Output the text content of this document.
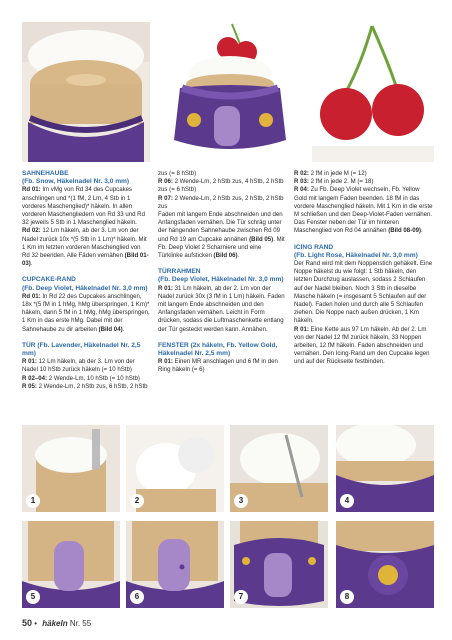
SAHNEHAUBE

(Fb. Snow, Häkelnadel Nr. 3,0 mm)

Rd 01: Im vMg von Rd 34 des Cupcakes anschlingen und *(1 fM, 2 Lm, 4 Stb in 1 vorderes Maschenglied)* häkeln. In allen vorderen Maschengliedern von Rd 33 und Rd 32 jeweils 5 Stb in 1 Maschenglied häkeln.

Rd 02: 12 Lm häkeln, ab der 3. Lm von der Nadel zurück 10x *(5 Stb in 1 Lm)* häkeln. Mit 1 Km im letzten vorderen Maschenglied von Rd 32 beenden. Alle Fäden vernähen (Bild 01-03).

CUPCAKE-RAND

(Fb. Deep Violet, Häkelnadel Nr. 3,0 mm)

Rd 01: In Rd 22 des Cupcakes anschlingen, 18x *(5 fM in 1 hMg, hMg überspringen, 1 Km)* häkeln, dann 5 fM in 1 hMg, hMg überspringen, 1 Km in das erste hMg. Dabei mit der Sahnehaube zu dir arbeiten (Bild 04).

TÜR (Fb. Lavender, Häkelnadel Nr. 2,5 mm)

R 01: 12 Lm häkeln, ab der 3. Lm von der Nadel 10 hStb zurück häkeln (= 10 hStb)

R 02–04: 2 Wende-Lm, 10 hStb (= 10 hStb)

R 05: 2 Wende-Lm, 2 hStb zus, 6 hStb, 2 hStb

zus (= 8 hStb)

R 06: 2 Wende-Lm, 2 hStb zus, 4 hStb, 2 hStb zus (= 6 hStb)

R 07: 2 Wende-Lm, 2 hStb zus, 2 hStb, 2 hStb zus

Faden mit langem Ende abschneiden und den Anfangsfaden vernähen. Die Tür schräg unter der hängenden Sahnehaube zwischen Rd 09 und Rd 19 am Cupcake annähen (Bild 05). Mit Fb. Deep Violet 2 Scharniere und eine Türklinke aufsticken (Bild 06).

TÜRRAHMEN

(Fb. Deep Violet, Häkelnadel Nr. 3,0 mm)

R 01: 31 Lm häkeln, ab der 2. Lm von der Nadel zurück 30x (3 fM in 1 Lm) häkeln. Faden mit langem Ende abschneiden und den Anfangsfaden vernähen. Leicht in Form drücken, sodass die Luftmaschenkette entlang der Tür gesteckt werden kann. Annähen.

FENSTER (2x häkeln, Fb. Yellow Gold, Häkelnadel Nr. 2,5 mm)

R 01: Einen MR anschlagen und 6 fM in den Ring häkeln (= 6)

R 02: 2 fM in jede M (= 12)

R 03: 2 fM in jede 2. M (= 18)

R 04: Zu Fb. Deep Violet wechseln, Fb. Yellow Gold mit langem Faden beenden. 18 fM in das vordere Maschenglied häkeln. Mit 1 Km in die erste M schließen und den Deep-Violet-Faden vernähen. Das Fenster neben der Tür im hinteren Maschenglied von Rd 04 annähen (Bild 08-09).

ICING RAND

(Fb. Light Rose, Häkelnadel Nr. 3,0 mm)

Der Rand wird mit dem Noppenstich gehäkelt. Eine Noppe häkelst du wie folgt: 1 Stb häkeln, den letzten Durchzug auslassen, sodass 2 Schlaufen auf der Nadel bleiben. Noch 3 Stb in dieselbe Masche häkeln (= insgesamt 5 Schlaufen auf der Nadel). Faden holen und durch alle 5 Schlaufen ziehen. Die Noppe nach außen drücken, 1 Km häkeln.

R 01: Eine Kette aus 97 Lm häkeln. Ab der 2. Lm von der Nadel 12 fM zurück häkeln, 33 Noppen arbeiten, 12 fM häkeln. Faden abschneiden und vernähen. Den Icing-Rand um den Cupcake legen und auf der Rückseite festbinden.

1	2	3	4
5	6	7	8
50 • häkeln Nr. 55
